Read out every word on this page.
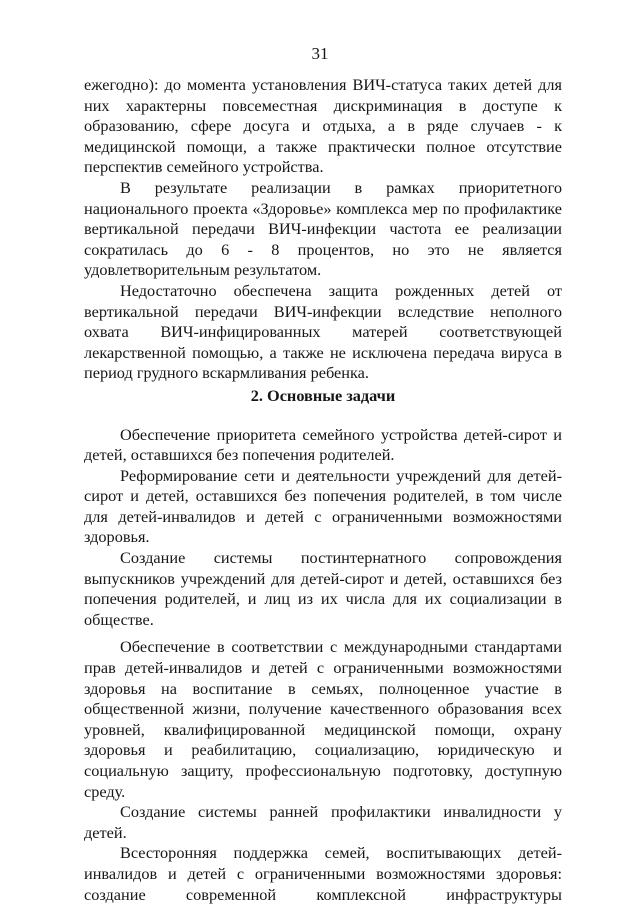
31

ежегодно): до момента установления ВИЧ-статуса таких детей для них характерны повсеместная дискриминация в доступе к образованию, сфере досуга и отдыха, а в ряде случаев - к медицинской помощи, а также практически полное отсутствие перспектив семейного устройства.

В результате реализации в рамках приоритетного национального проекта «Здоровье» комплекса мер по профилактике вертикальной передачи ВИЧ-инфекции частота ее реализации сократилась до 6 - 8 процентов, но это не является удовлетворительным результатом.

Недостаточно обеспечена защита рожденных детей от вертикальной передачи ВИЧ-инфекции вследствие неполного охвата ВИЧ-инфицированных матерей соответствующей лекарственной помощью, а также не исключена передача вируса в период грудного вскармливания ребенка.

2. Основные задачи

Обеспечение приоритета семейного устройства детей-сирот и детей, оставшихся без попечения родителей.

Реформирование сети и деятельности учреждений для детей-сирот и детей, оставшихся без попечения родителей, в том числе для детей-инвалидов и детей с ограниченными возможностями здоровья.

Создание системы постинтернатного сопровождения выпускников учреждений для детей-сирот и детей, оставшихся без попечения родителей, и лиц из их числа для их социализации в обществе.

Обеспечение в соответствии с международными стандартами прав детей-инвалидов и детей с ограниченными возможностями здоровья на воспитание в семьях, полноценное участие в общественной жизни, получение качественного образования всех уровней, квалифицированной медицинской помощи, охрану здоровья и реабилитацию, социализацию, юридическую и социальную защиту, профессиональную подготовку, доступную среду.

Создание системы ранней профилактики инвалидности у детей.

Всесторонняя поддержка семей, воспитывающих детей-инвалидов и детей с ограниченными возможностями здоровья: создание современной комплексной инфраструктуры
